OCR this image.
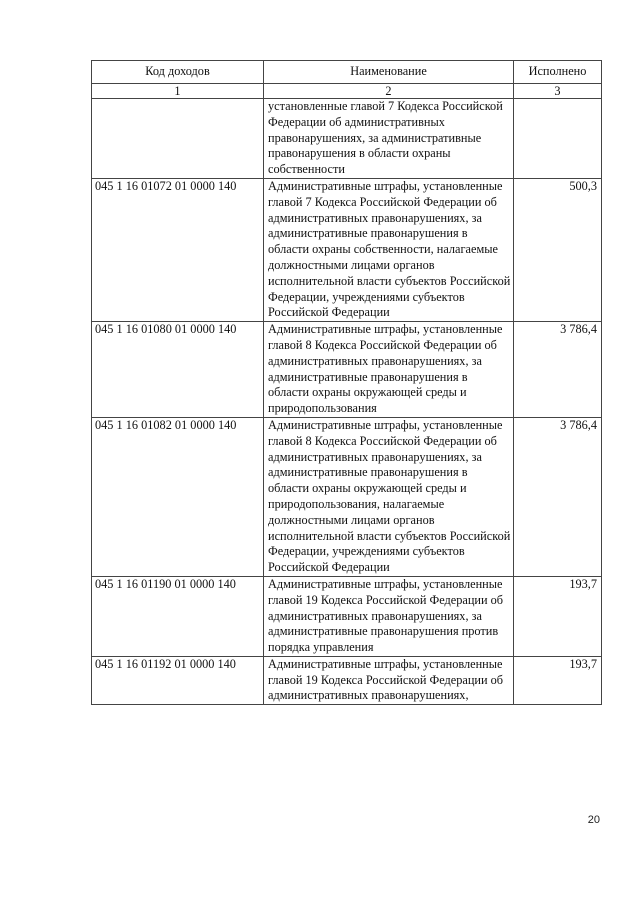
Код доходов	Наименование	Исполнено
1	2	3
	установленные главой 7 Кодекса Российской Федерации об административных правонарушениях, за административные правонарушения в области охраны собственности	
045 1 16 01072 01 0000 140	Административные штрафы, установленные главой 7 Кодекса Российской Федерации об административных правонарушениях, за административные правонарушения в области охраны собственности, налагаемые должностными лицами органов исполнительной власти субъектов Российской Федерации, учреждениями субъектов Российской Федерации	500,3
045 1 16 01080 01 0000 140	Административные штрафы, установленные главой 8 Кодекса Российской Федерации об административных правонарушениях, за административные правонарушения в области охраны окружающей среды и природопользования	3 786,4
045 1 16 01082 01 0000 140	Административные штрафы, установленные главой 8 Кодекса Российской Федерации об административных правонарушениях, за административные правонарушения в области охраны окружающей среды и природопользования, налагаемые должностными лицами органов исполнительной власти субъектов Российской Федерации, учреждениями субъектов Российской Федерации	3 786,4
045 1 16 01190 01 0000 140	Административные штрафы, установленные главой 19 Кодекса Российской Федерации об административных правонарушениях, за административные правонарушения против порядка управления	193,7
045 1 16 01192 01 0000 140	Административные штрафы, установленные главой 19 Кодекса Российской Федерации об административных правонарушениях,	193,7
20
